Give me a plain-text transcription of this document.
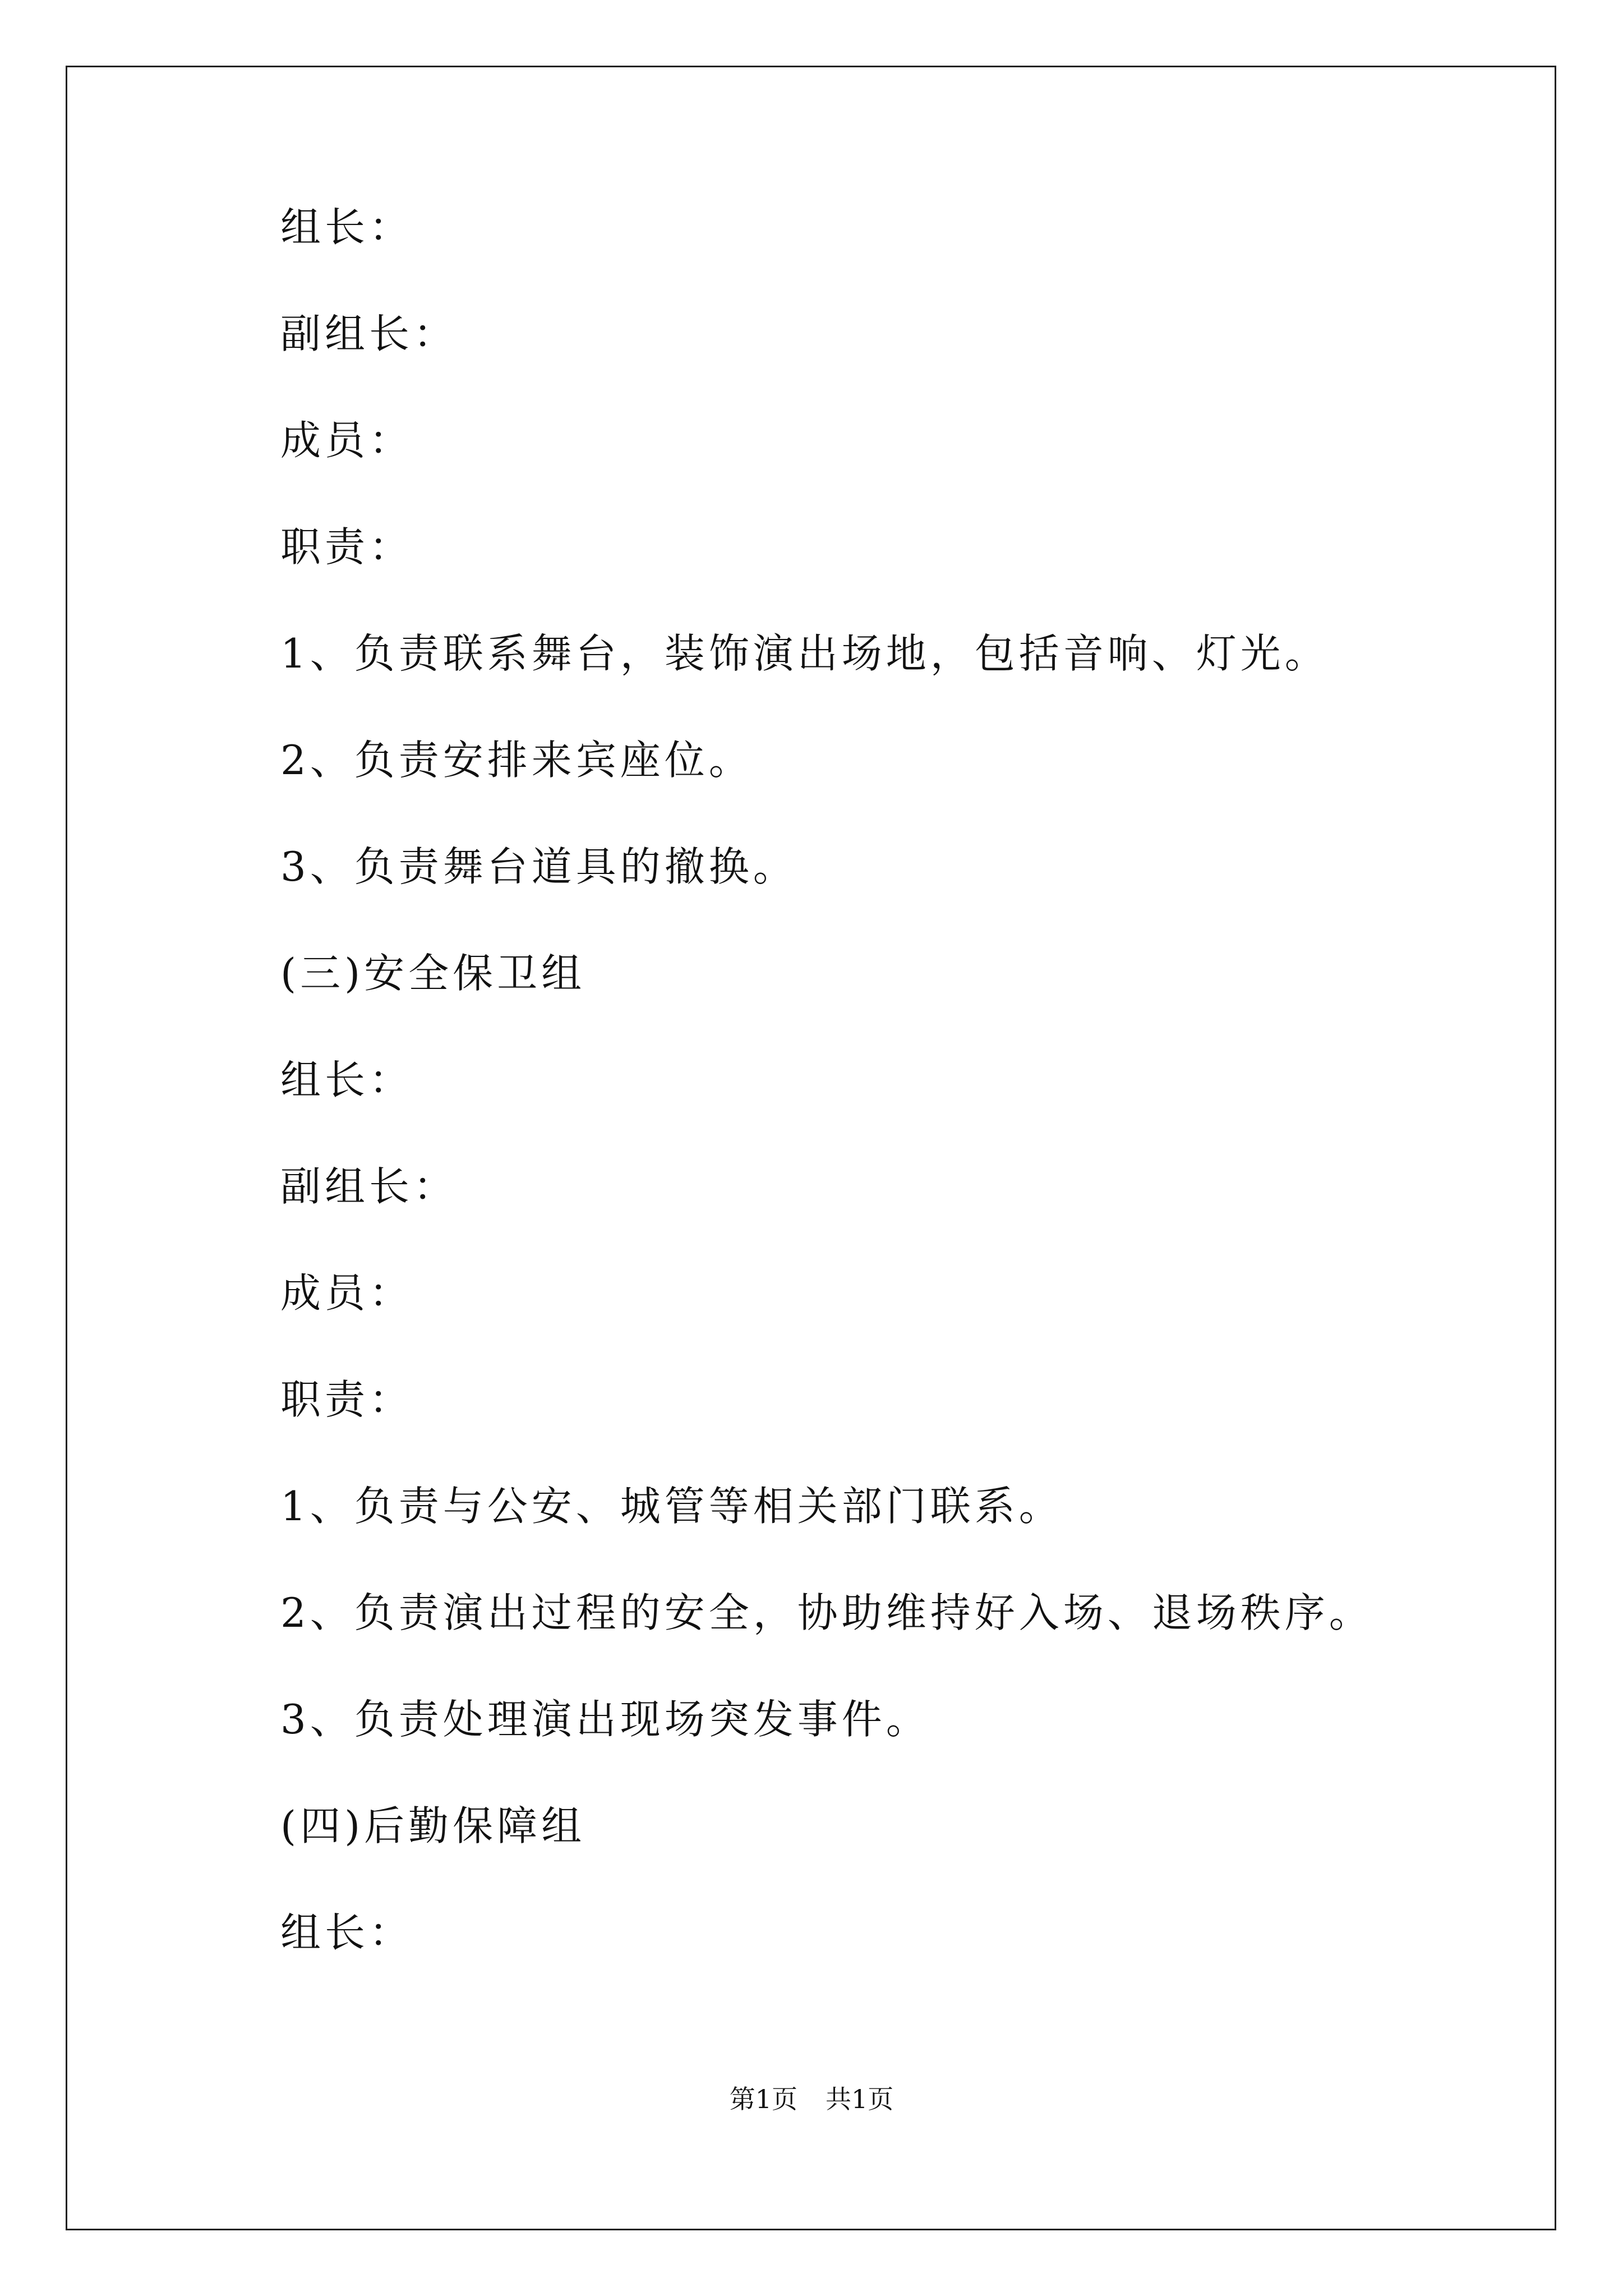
组长：
副组长：
成员：
职责：
1、负责联系舞台，装饰演出场地，包括音响、灯光。
2、负责安排来宾座位。
3、负责舞台道具的撤换。
(三)安全保卫组
组长：
副组长：
成员：
职责：
1、负责与公安、城管等相关部门联系。
2、负责演出过程的安全，协助维持好入场、退场秩序。
3、负责处理演出现场突发事件。
(四)后勤保障组
组长：
第1页 共1页
